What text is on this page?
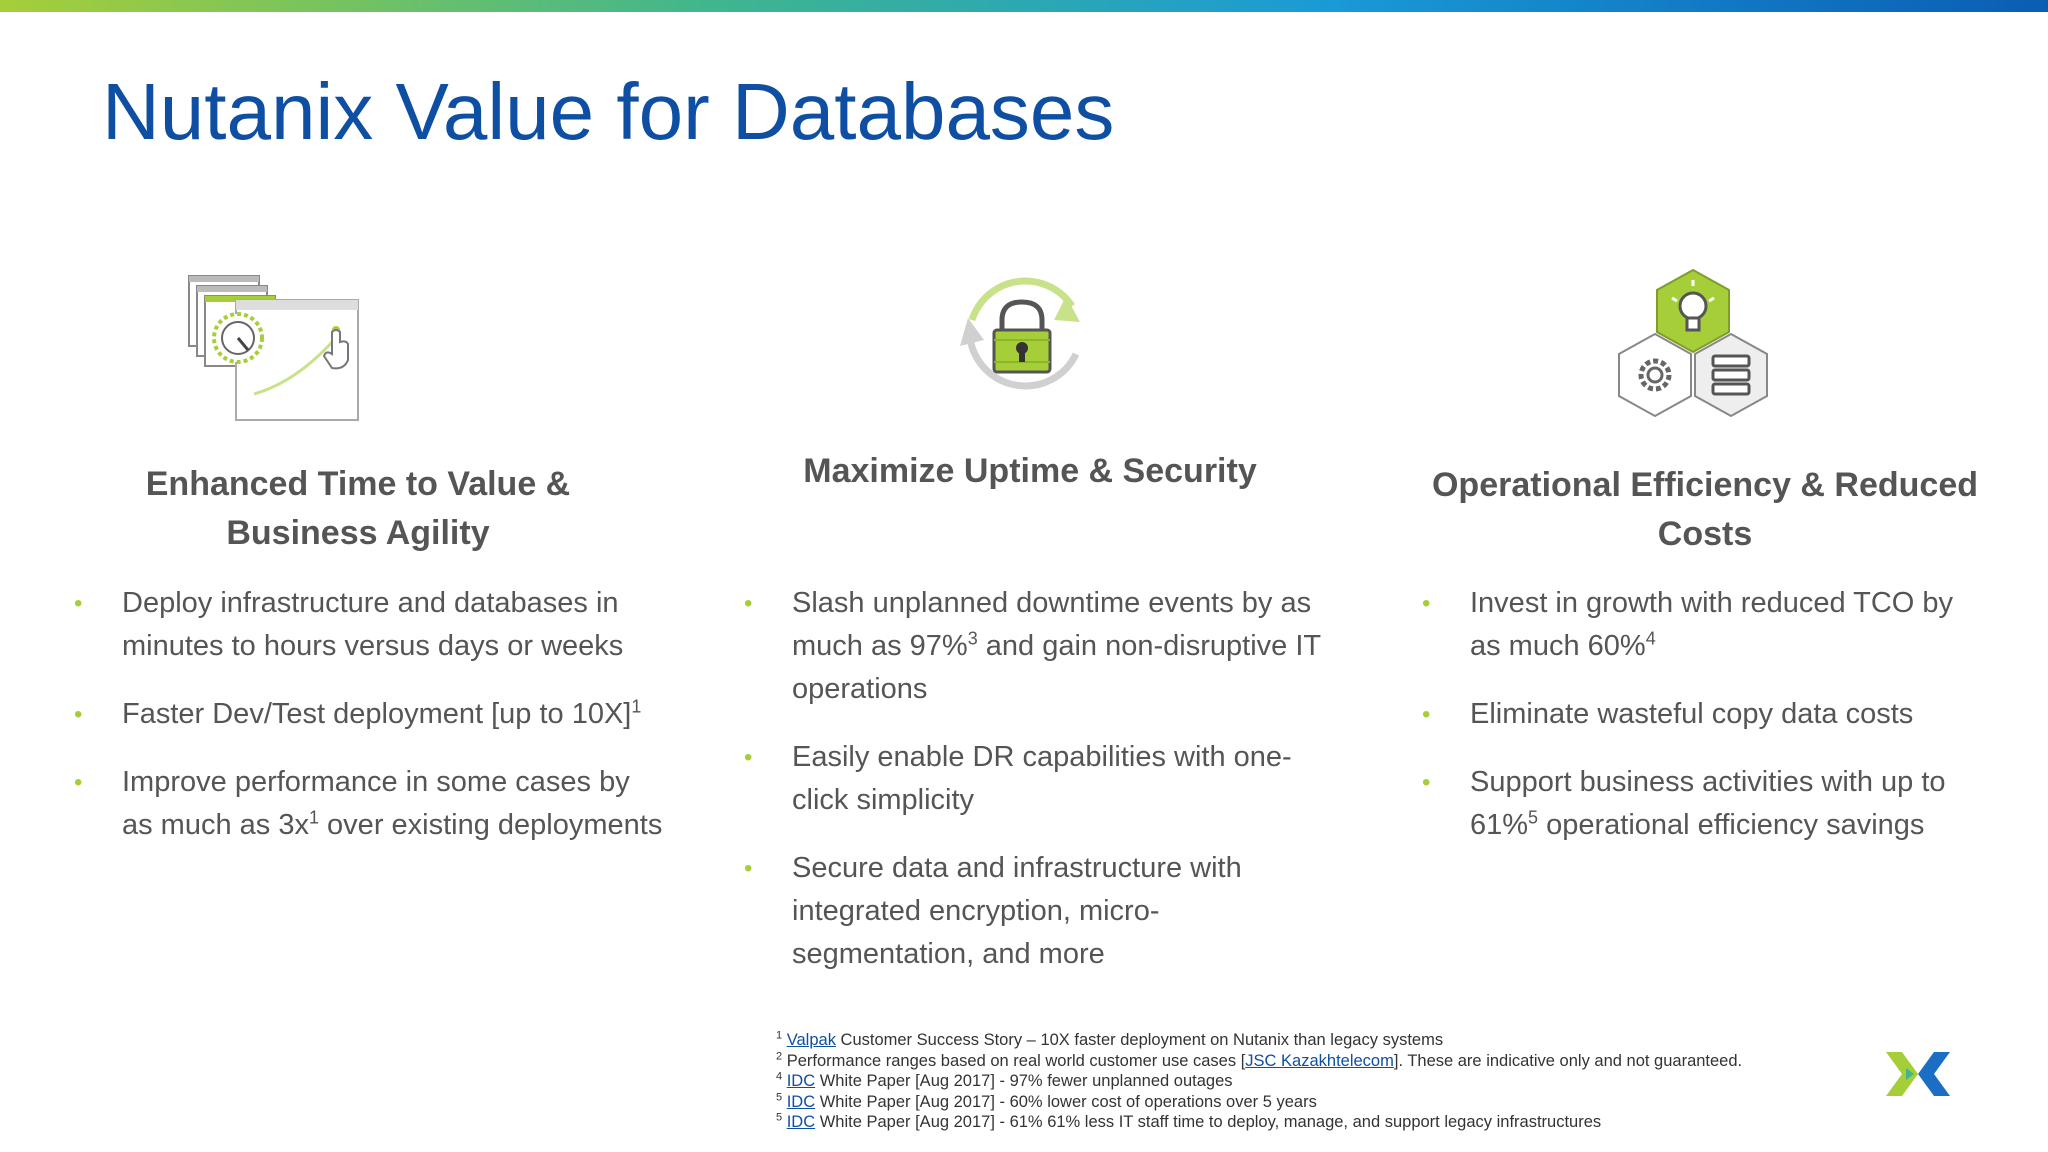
Nutanix Value for Databases
Enhanced Time to Value &
Business Agility
Maximize Uptime & Security	Operational Efficiency & Reduced
Costs
• Deploy infrastructure and databases in minutes to hours versus days or weeks
• Faster Dev/Test deployment [up to 10X]$^1$
• Improve performance in some cases by as much as $3x^1$ over existing deployments
• Slash unplanned downtime events by as much as 97%$^3$ and gain non-disruptive IT operations
• Easily enable DR capabilities with one-click simplicity
• Secure data and infrastructure with integrated encryption, micro-segmentation, and more
• Invest in growth with reduced TCO by as much 60%$^4$
• Eliminate wasteful copy data costs
• Support business activities with up to 61%$^5$ operational efficiency savings
$^1$ Valpak Customer Success Story – 10X faster deployment on Nutanix than legacy systems
$^2$ Performance ranges based on real world customer use cases [JSC Kazakhtelecom]. These are indicative only and not guaranteed.
$^4$ IDC White Paper [Aug 2017] - 97% fewer unplanned outages
$^5$ IDC White Paper [Aug 2017] - 60% lower cost of operations over 5 years
$^5$ IDC White Paper [Aug 2017] - 61% 61% less IT staff time to deploy, manage, and support legacy infrastructures
